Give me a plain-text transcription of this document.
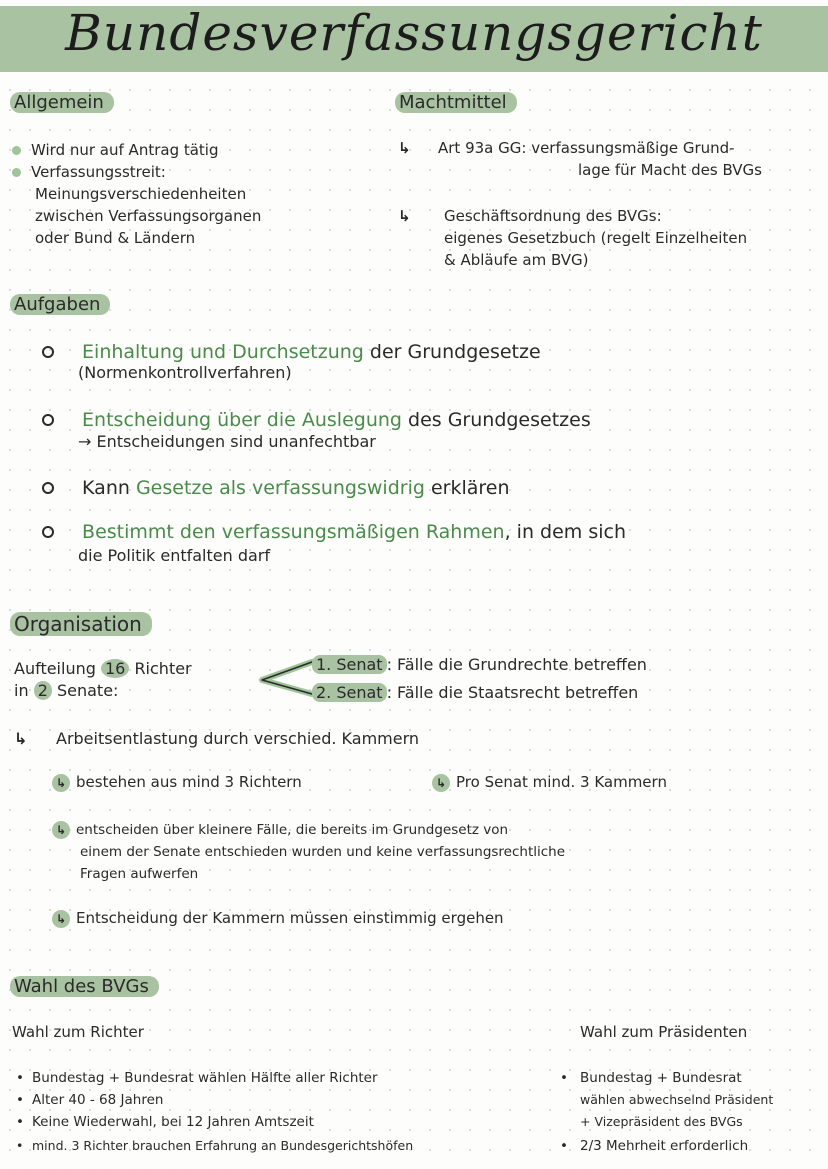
Bundesverfassungsgericht
Allgemein
Wird nur auf Antrag tätig
Verfassungsstreit:
Meinungsverschiedenheiten
zwischen Verfassungsorganen
oder Bund & Ländern
Machtmittel
↳ Art 93a GG: verfassungsmäßige Grund-
lage für Macht des BVGs
↳ Geschäftsordnung des BVGs:
eigenes Gesetzbuch (regelt Einzelheiten
& Abläufe am BVG)
Aufgaben
Einhaltung und Durchsetzung der Grundgesetze
(Normenkontrollverfahren)
Entscheidung über die Auslegung des Grundgesetzes
→ Entscheidungen sind unanfechtbar
Kann Gesetze als verfassungswidrig erklären
Bestimmt den verfassungsmäßigen Rahmen, in dem sich
die Politik entfalten darf
Organisation
Aufteilung 16 Richter
in 2 Senate:
1. Senat : Fälle die Grundrechte betreffen
2. Senat : Fälle die Staatsrecht betreffen
↳ Arbeitsentlastung durch verschied. Kammern
↳ bestehen aus mind 3 Richtern	↳ Pro Senat mind. 3 Kammern
↳ entscheiden über kleinere Fälle, die bereits im Grundgesetz von
einem der Senate entschieden wurden und keine verfassungsrechtliche
Fragen aufwerfen
↳ Entscheidung der Kammern müssen einstimmig ergehen
Wahl des BVGs
Wahl zum Richter	Wahl zum Präsidenten
• Bundestag + Bundesrat wählen Hälfte aller Richter
• Alter 40 - 68 Jahren
• Keine Wiederwahl, bei 12 Jahren Amtszeit
• mind. 3 Richter brauchen Erfahrung an Bundesgerichtshöfen
• Bundestag + Bundesrat
wählen abwechselnd Präsident
+ Vizepräsident des BVGs
• 2/3 Mehrheit erforderlich
